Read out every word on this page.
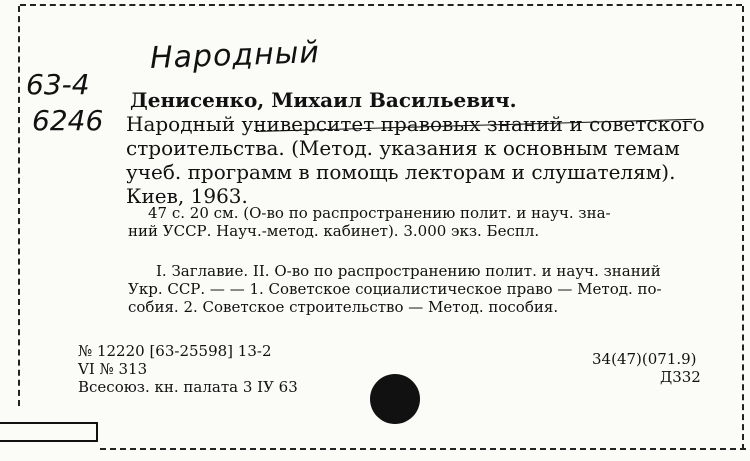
Народный
63-4
6246
Денисенко, Михаил Васильевич.
Народный университет правовых знаний и советского
строительства. (Метод. указания к основным темам
учеб. программ в помощь лекторам и слушателям).
Киев, 1963.
47 с. 20 см. (О-во по распространению полит. и науч. зна-
ний УССР. Науч.-метод. кабинет). 3.000 экз. Беспл.
I. Заглавие. II. О-во по распространению полит. и науч. знаний
Укр. ССР. — — 1. Советское социалистическое право — Метод. по-
собия. 2. Советское строительство — Метод. пособия.
№ 12220 [63-25598] 13-2
VI № 313
Всесоюз. кн. палата 3 IУ 63
34(47)(071.9)
Д332
